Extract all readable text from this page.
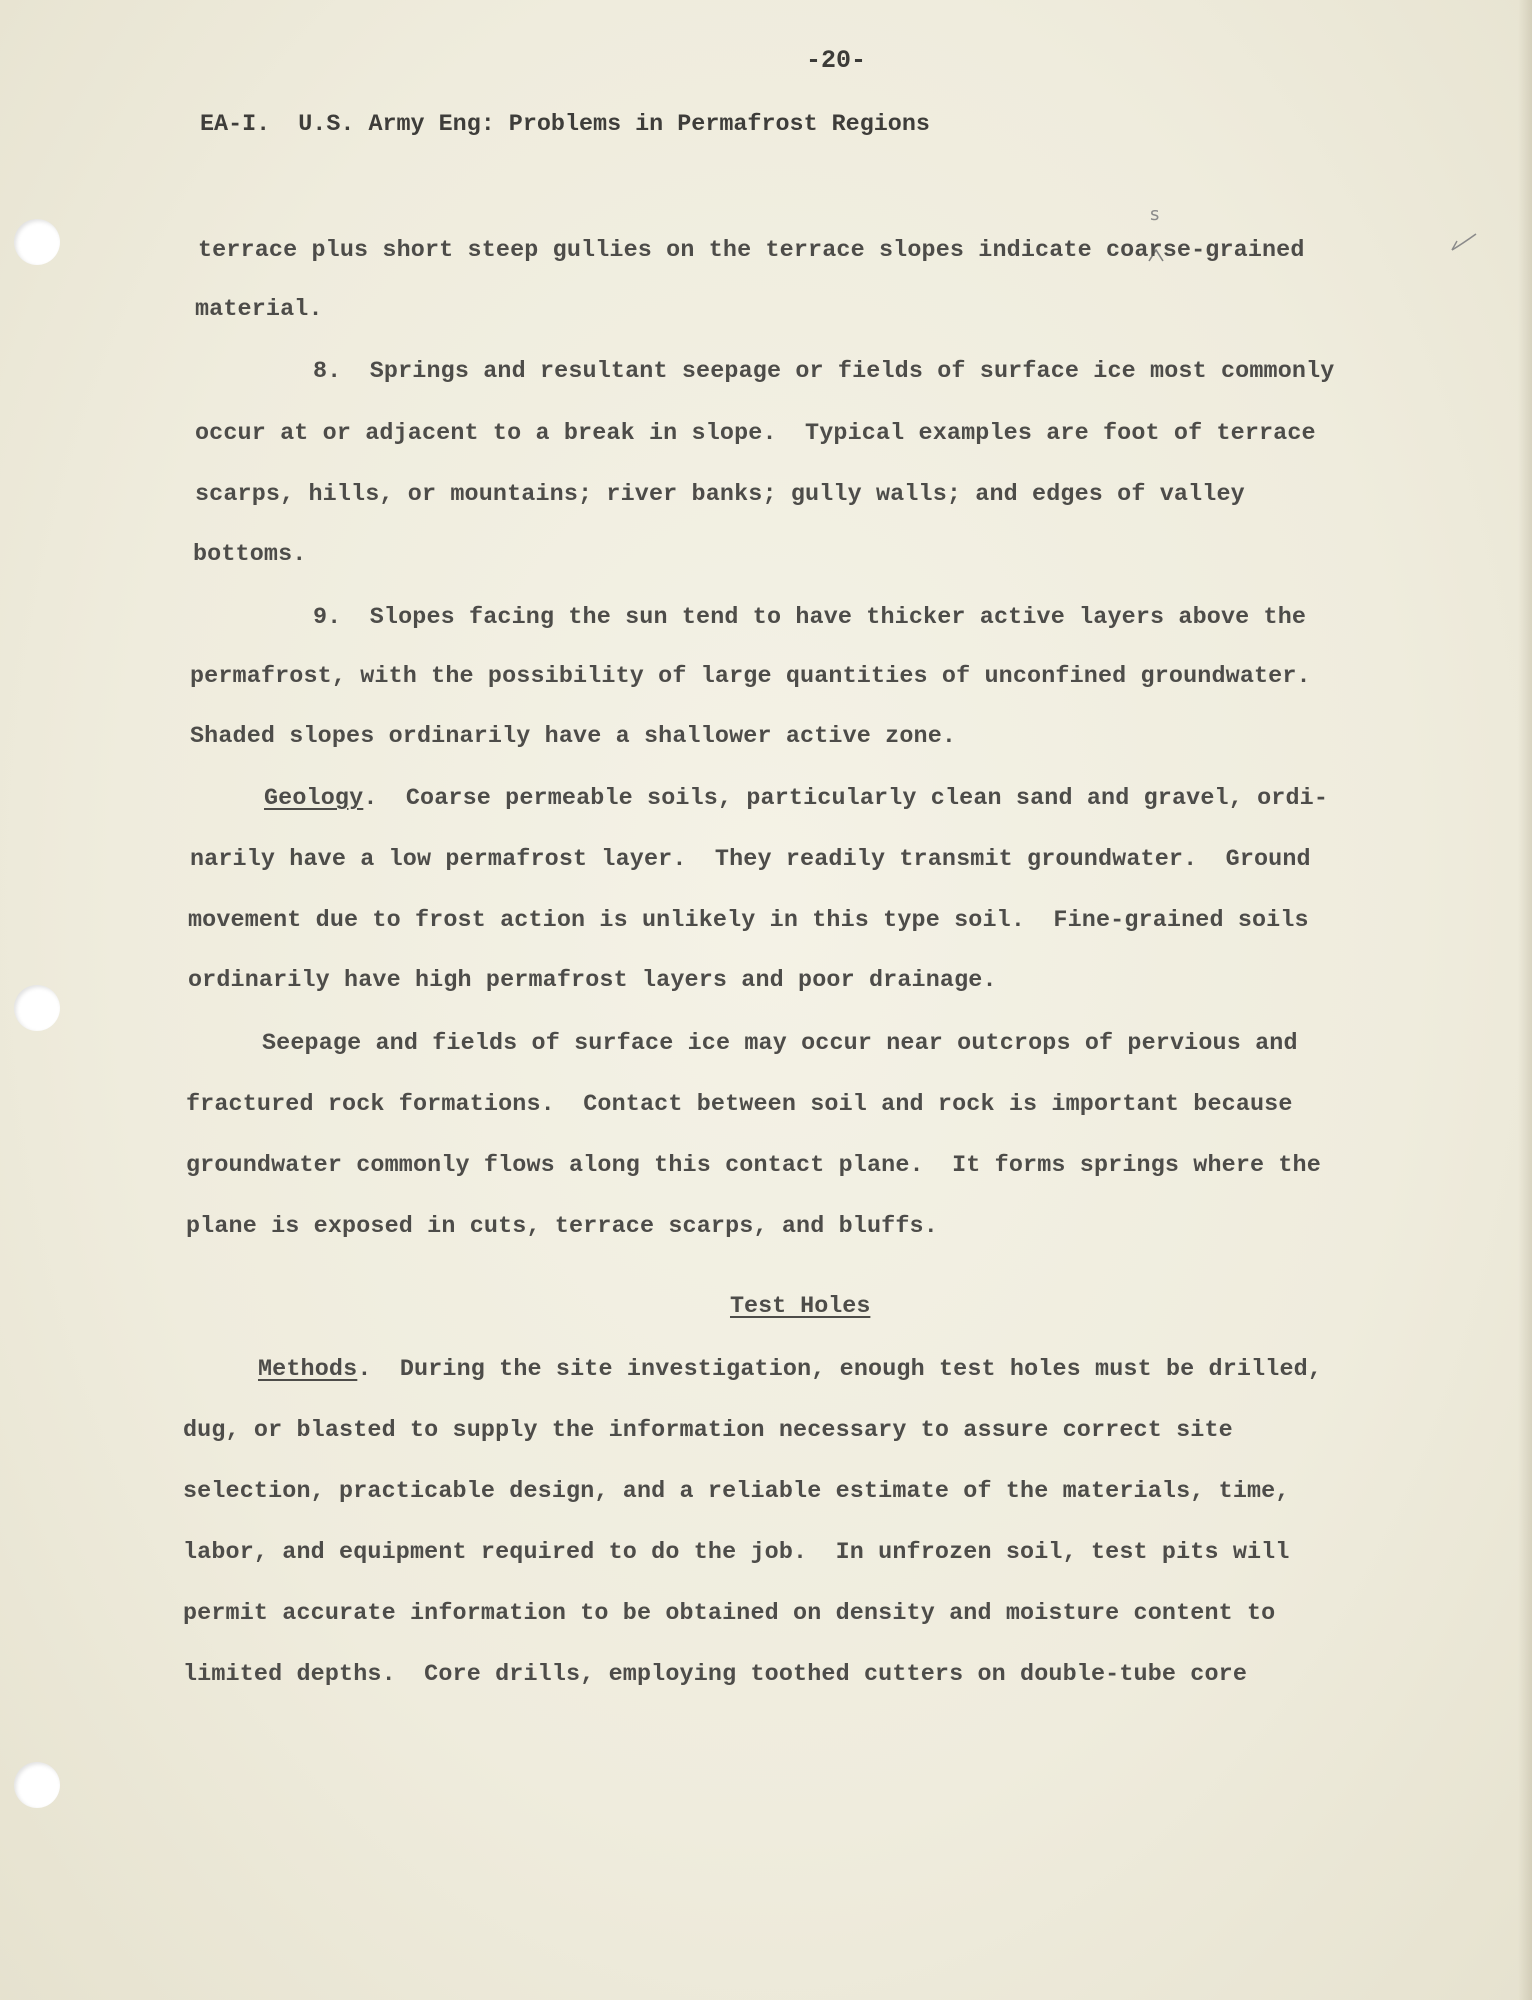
-20-
EA-I.  U.S. Army Eng: Problems in Permafrost Regions
s
terrace plus short steep gullies on the terrace slopes indicate coarse-grained
material.
8.  Springs and resultant seepage or fields of surface ice most commonly
occur at or adjacent to a break in slope.  Typical examples are foot of terrace
scarps, hills, or mountains; river banks; gully walls; and edges of valley
bottoms.
9.  Slopes facing the sun tend to have thicker active layers above the
permafrost, with the possibility of large quantities of unconfined groundwater.
Shaded slopes ordinarily have a shallower active zone.
Geology.  Coarse permeable soils, particularly clean sand and gravel, ordi-
narily have a low permafrost layer.  They readily transmit groundwater.  Ground
movement due to frost action is unlikely in this type soil.  Fine-grained soils
ordinarily have high permafrost layers and poor drainage.
Seepage and fields of surface ice may occur near outcrops of pervious and
fractured rock formations.  Contact between soil and rock is important because
groundwater commonly flows along this contact plane.  It forms springs where the
plane is exposed in cuts, terrace scarps, and bluffs.
Test Holes
Methods.  During the site investigation, enough test holes must be drilled,
dug, or blasted to supply the information necessary to assure correct site
selection, practicable design, and a reliable estimate of the materials, time,
labor, and equipment required to do the job.  In unfrozen soil, test pits will
permit accurate information to be obtained on density and moisture content to
limited depths.  Core drills, employing toothed cutters on double-tube core
